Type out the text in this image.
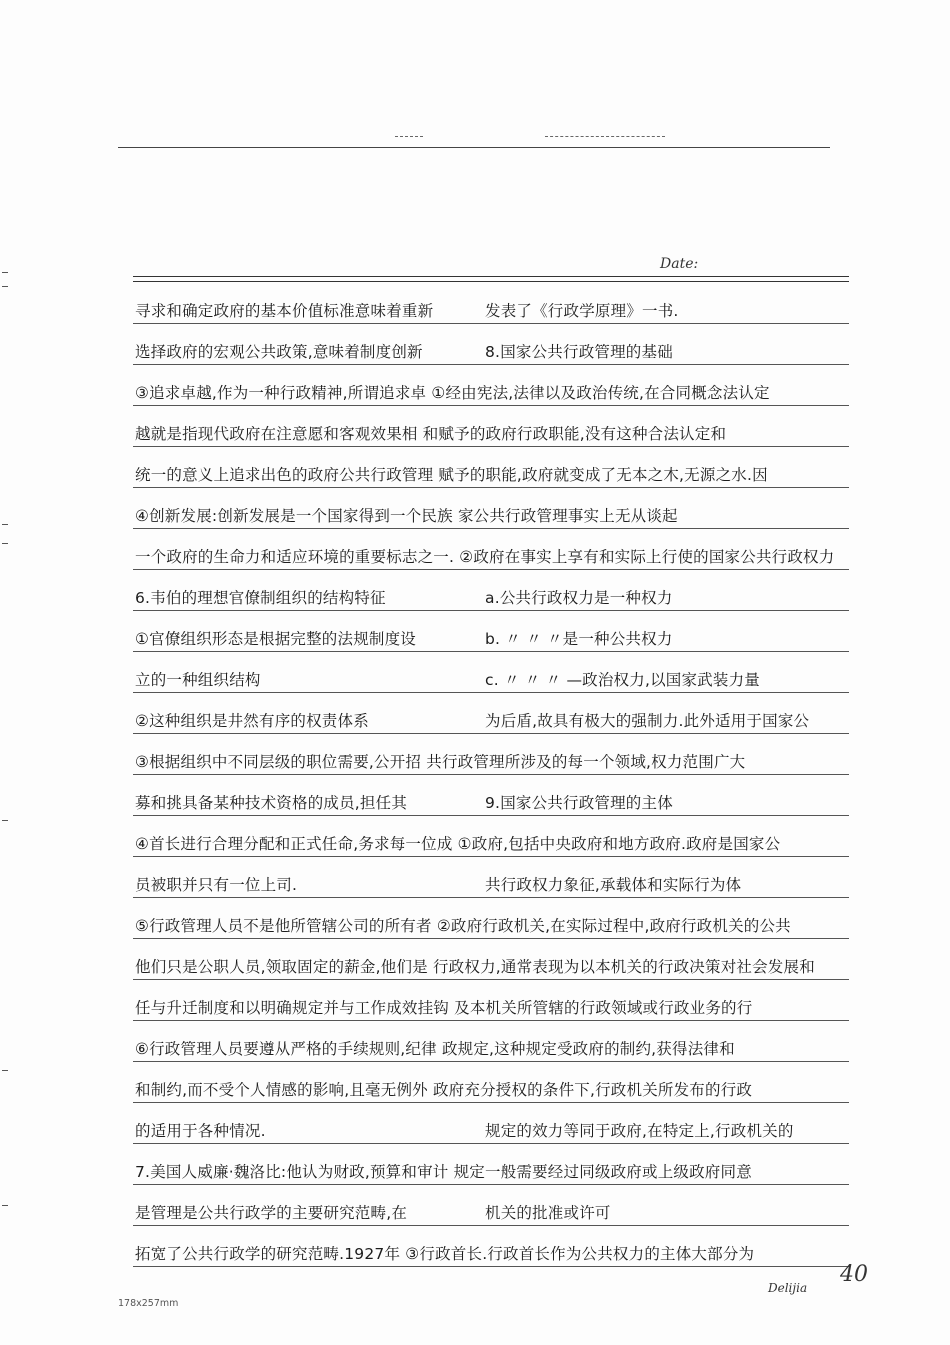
Date:
寻求和确定政府的基本价值标准意味着重新	发表了《行政学原理》一书.
选择政府的宏观公共政策,意味着制度创新	8.国家公共行政管理的基础
③追求卓越,作为一种行政精神,所谓追求卓 ①经由宪法,法律以及政治传统,在合同概念法认定
越就是指现代政府在注意愿和客观效果相 和赋予的政府行政职能,没有这种合法认定和
统一的意义上追求出色的政府公共行政管理 赋予的职能,政府就变成了无本之木,无源之水.因
④创新发展:创新发展是一个国家得到一个民族 家公共行政管理事实上无从谈起
一个政府的生命力和适应环境的重要标志之一. ②政府在事实上享有和实际上行使的国家公共行政权力
6.韦伯的理想官僚制组织的结构特征	a.公共行政权力是一种权力
①官僚组织形态是根据完整的法规制度设	b. 〃 〃 〃是一种公共权力
立的一种组织结构	c. 〃 〃 〃 —政治权力,以国家武装力量
②这种组织是井然有序的权责体系	为后盾,故具有极大的强制力.此外适用于国家公
③根据组织中不同层级的职位需要,公开招 共行政管理所涉及的每一个领域,权力范围广大
募和挑具备某种技术资格的成员,担任其	9.国家公共行政管理的主体
④首长进行合理分配和正式任命,务求每一位成 ①政府,包括中央政府和地方政府.政府是国家公
员被职并只有一位上司.	共行政权力象征,承载体和实际行为体
⑤行政管理人员不是他所管辖公司的所有者 ②政府行政机关,在实际过程中,政府行政机关的公共
他们只是公职人员,领取固定的薪金,他们是 行政权力,通常表现为以本机关的行政决策对社会发展和
任与升迁制度和以明确规定并与工作成效挂钩 及本机关所管辖的行政领域或行政业务的行
⑥行政管理人员要遵从严格的手续规则,纪律 政规定,这种规定受政府的制约,获得法律和
和制约,而不受个人情感的影响,且毫无例外 政府充分授权的条件下,行政机关所发布的行政
的适用于各种情况.	规定的效力等同于政府,在特定上,行政机关的
7.美国人威廉·魏洛比:他认为财政,预算和审计 规定一般需要经过同级政府或上级政府同意
是管理是公共行政学的主要研究范畴,在	机关的批准或许可
拓宽了公共行政学的研究范畴.1927年 ③行政首长.行政首长作为公共权力的主体大部分为
178x257mm
Delijia
40
